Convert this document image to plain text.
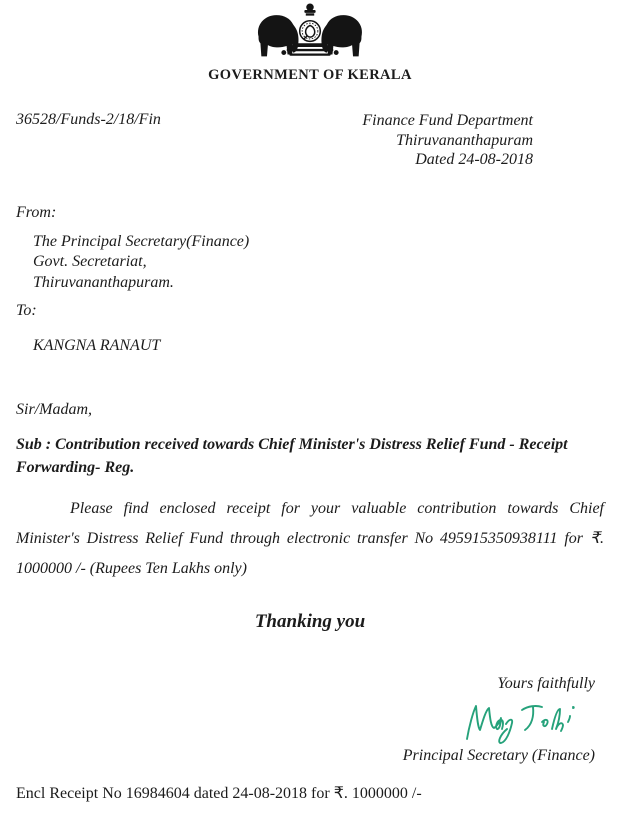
GOVERNMENT OF KERALA
36528/Funds-2/18/Fin	Finance Fund Department
Thiruvananthapuram
Dated 24-08-2018
From:
The Principal Secretary(Finance)
Govt. Secretariat,
Thiruvananthapuram.
To:
KANGNA RANAUT
Sir/Madam,
Sub : Contribution received towards Chief Minister's Distress Relief Fund - Receipt Forwarding- Reg.

Please find enclosed receipt for your valuable contribution towards Chief Minister's Distress Relief Fund through electronic transfer No 495915350938111 for ₹. 1000000 /- (Rupees Ten Lakhs only)

Thanking you
Yours faithfully
Principal Secretary (Finance)
Encl Receipt No 16984604 dated 24-08-2018 for ₹. 1000000 /-
